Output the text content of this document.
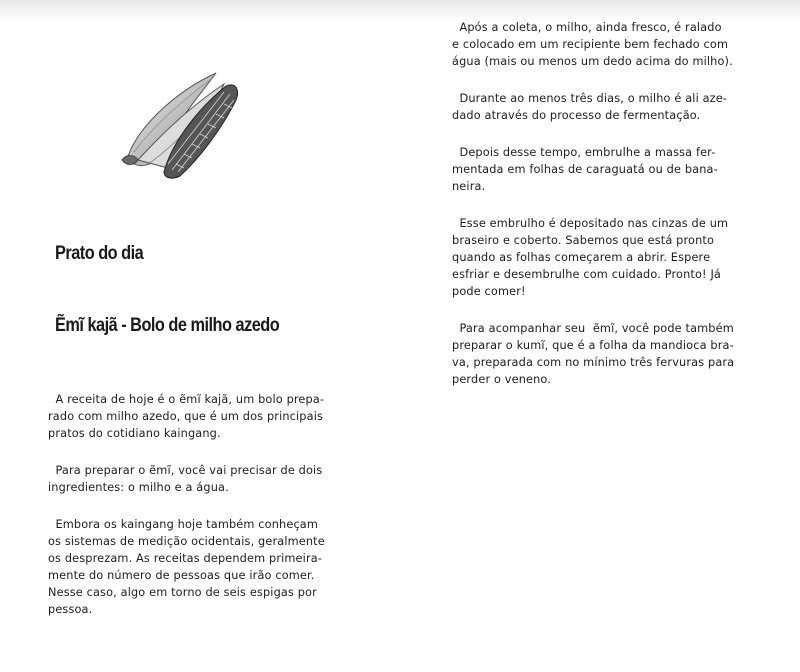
Prato do dia
Ẽmĩ kajã - Bolo de milho azedo

A receita de hoje é o ẽmĩ kajã, um bolo prepa-
rado com milho azedo, que é um dos principais
pratos do cotidiano kaingang.

Para preparar o ẽmĩ, você vai precisar de dois
ingredientes: o milho e a água.

Embora os kaingang hoje também conheçam
os sistemas de medição ocidentais, geralmente
os desprezam. As receitas dependem primeira-
mente do número de pessoas que irão comer.
Nesse caso, algo em torno de seis espigas por
pessoa.

Após a coleta, o milho, ainda fresco, é ralado
e colocado em um recipiente bem fechado com
água (mais ou menos um dedo acima do milho).

Durante ao menos três dias, o milho é ali aze-
dado através do processo de fermentação.

Depois desse tempo, embrulhe a massa fer-
mentada em folhas de caraguatá ou de bana-
neira.

Esse embrulho é depositado nas cinzas de um
braseiro e coberto. Sabemos que está pronto
quando as folhas começarem a abrir. Espere
esfriar e desembrulhe com cuidado. Pronto! Já
pode comer!

Para acompanhar seu  ẽmĩ, você pode também
preparar o kumĩ, que é a folha da mandioca bra-
va, preparada com no mínimo três fervuras para
perder o veneno.
